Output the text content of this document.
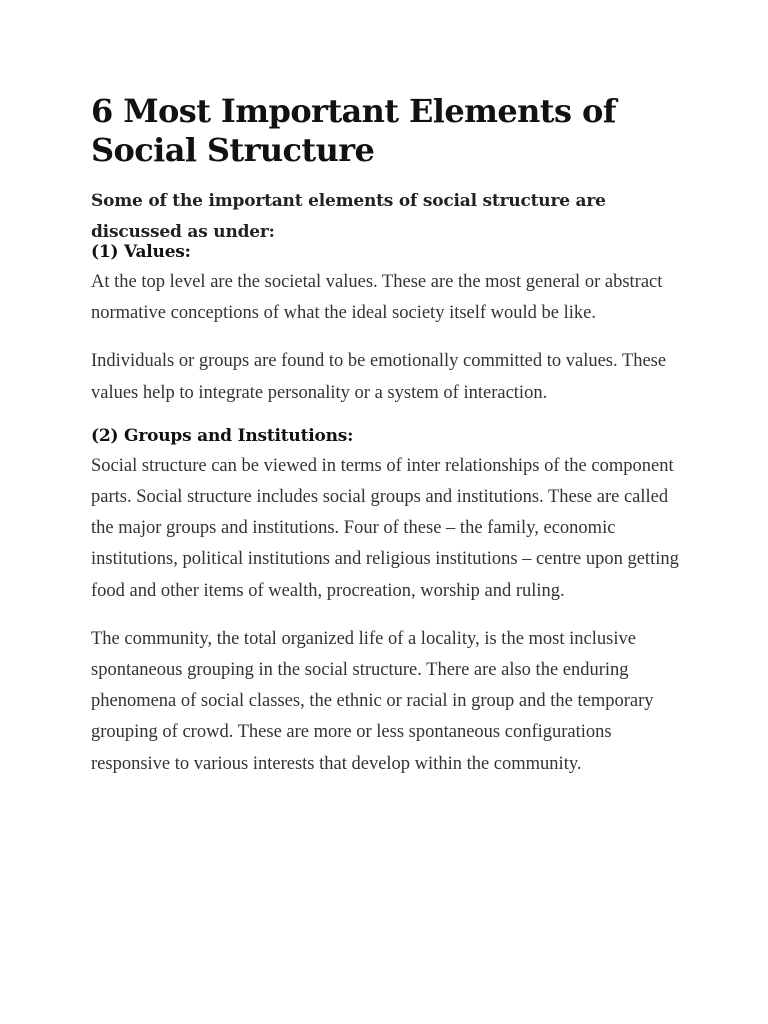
6 Most Important Elements of Social Structure

Some of the important elements of social structure are discussed as under:

(1) Values:

At the top level are the societal values. These are the most general or abstract normative conceptions of what the ideal society itself would be like.

Individuals or groups are found to be emotionally committed to values. These values help to integrate personality or a system of interaction.

(2) Groups and Institutions:

Social structure can be viewed in terms of inter relationships of the component parts. Social structure includes social groups and institutions. These are called the major groups and institutions. Four of these – the family, economic institutions, political institutions and religious institutions – centre upon getting food and other items of wealth, procreation, worship and ruling.

The community, the total organized life of a locality, is the most inclusive spontaneous grouping in the social structure. There are also the enduring phenomena of social classes, the ethnic or racial in group and the temporary grouping of crowd. These are more or less spontaneous configurations responsive to various interests that develop within the community.
